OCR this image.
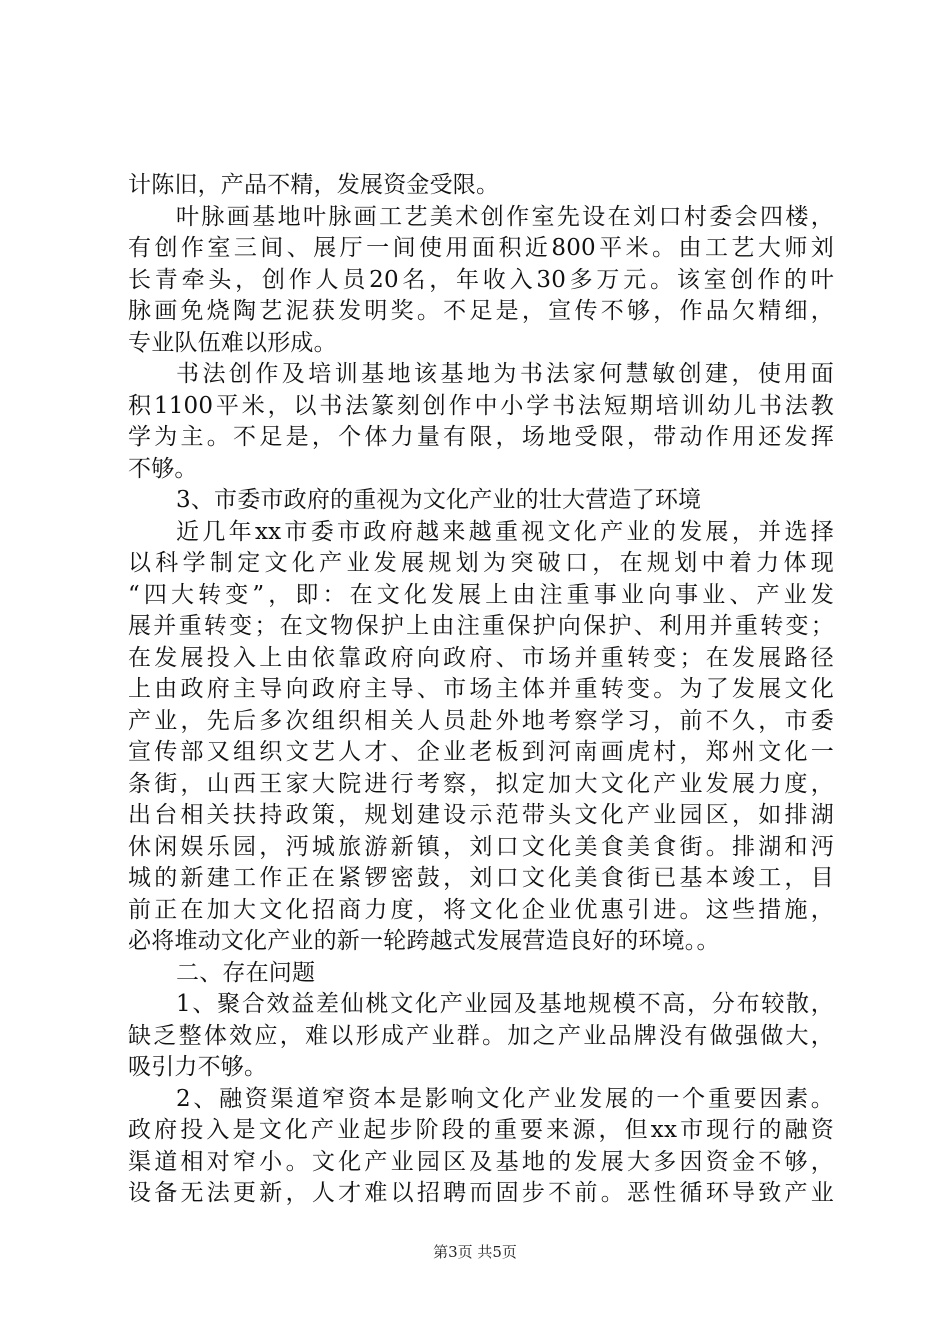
计陈旧，产品不精，发展资金受限。
叶脉画基地叶脉画工艺美术创作室先设在刘口村委会四楼，
有创作室三间、展厅一间使用面积近800平米。由工艺大师刘
长青牵头，创作人员20名，年收入30多万元。该室创作的叶
脉画免烧陶艺泥获发明奖。不足是，宣传不够，作品欠精细，
专业队伍难以形成。
书法创作及培训基地该基地为书法家何慧敏创建，使用面
积1100平米，以书法篆刻创作中小学书法短期培训幼儿书法教
学为主。不足是，个体力量有限，场地受限，带动作用还发挥
不够。
3、市委市政府的重视为文化产业的壮大营造了环境
近几年xx市委市政府越来越重视文化产业的发展，并选择
以科学制定文化产业发展规划为突破口，在规划中着力体现
“四大转变”，即：在文化发展上由注重事业向事业、产业发
展并重转变；在文物保护上由注重保护向保护、利用并重转变；
在发展投入上由依靠政府向政府、市场并重转变；在发展路径
上由政府主导向政府主导、市场主体并重转变。为了发展文化
产业，先后多次组织相关人员赴外地考察学习，前不久，市委
宣传部又组织文艺人才、企业老板到河南画虎村，郑州文化一
条街，山西王家大院进行考察，拟定加大文化产业发展力度，
出台相关扶持政策，规划建设示范带头文化产业园区，如排湖
休闲娱乐园，沔城旅游新镇，刘口文化美食美食街。排湖和沔
城的新建工作正在紧锣密鼓，刘口文化美食街已基本竣工，目
前正在加大文化招商力度，将文化企业优惠引进。这些措施，
必将堆动文化产业的新一轮跨越式发展营造良好的环境。。
二、存在问题
1、聚合效益差仙桃文化产业园及基地规模不高，分布较散，
缺乏整体效应，难以形成产业群。加之产业品牌没有做强做大，
吸引力不够。
2、融资渠道窄资本是影响文化产业发展的一个重要因素。
政府投入是文化产业起步阶段的重要来源，但xx市现行的融资
渠道相对窄小。文化产业园区及基地的发展大多因资金不够，
设备无法更新，人才难以招聘而固步不前。恶性循环导致产业
第3页 共5页
